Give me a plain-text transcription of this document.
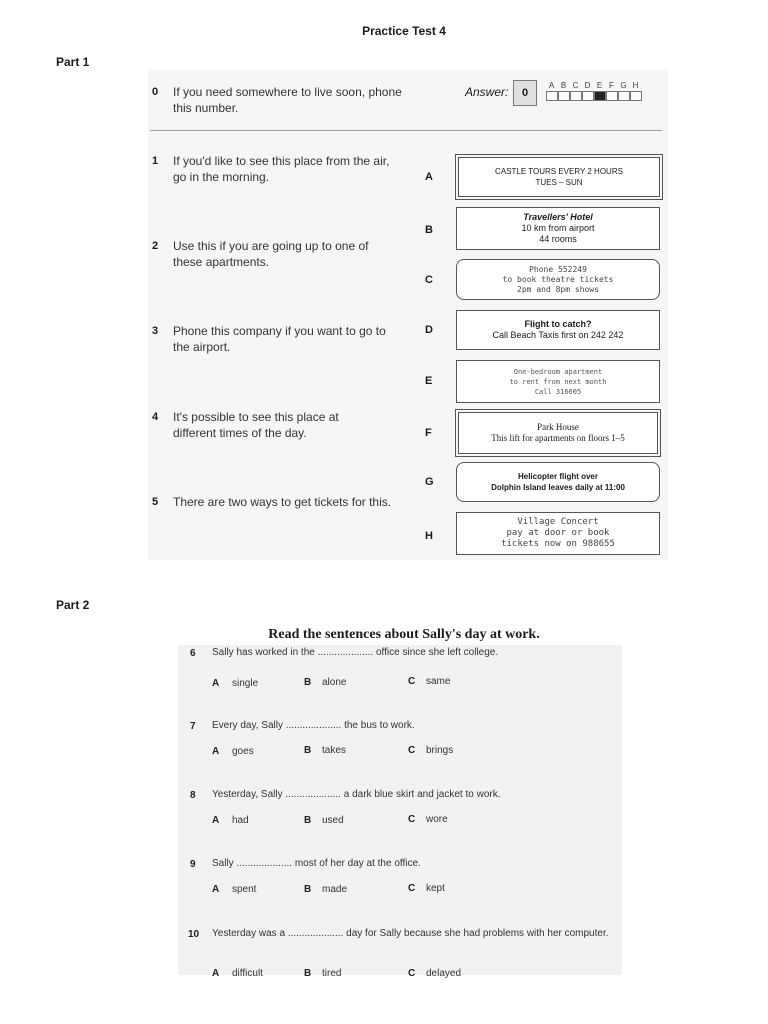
Practice Test 4
Part 1
0 If you need somewhere to live soon, phone this number.
Answer:	0
A B C D E F G H
1 If you'd like to see this place from the air, go in the morning.
2 Use this if you are going up to one of these apartments.
3 Phone this company if you want to go to the airport.
4 It's possible to see this place at different times of the day.
5 There are two ways to get tickets for this.
A	CASTLE TOURS EVERY 2 HOURS
TUES – SUN
B
Travellers' Hotel
10 km from airport
44 rooms
C
Phone 552249
to book theatre tickets
2pm and 8pm shows
D	Flight to catch?
Call Beach Taxis first on 242 242
E
One-bedroom apartment
to rent from next month
Call 316605
F	Park House
This lift for apartments on floors 1–5
G	Helicopter flight over
Dolphin Island leaves daily at 11:00
H
Village Concert
pay at door or book
tickets now on 988655
Part 2
Read the sentences about Sally's day at work.
6 Sally has worked in the .................... office since she left college.
A single	B alone	C same
7 Every day, Sally .................... the bus to work.
A goes	B takes	C brings
8 Yesterday, Sally .................... a dark blue skirt and jacket to work.
A had	B used	C wore
9 Sally .................... most of her day at the office.
A spent	B made	C kept
10 Yesterday was a .................... day for Sally because she had problems with her computer.
A difficult	B tired	C delayed
